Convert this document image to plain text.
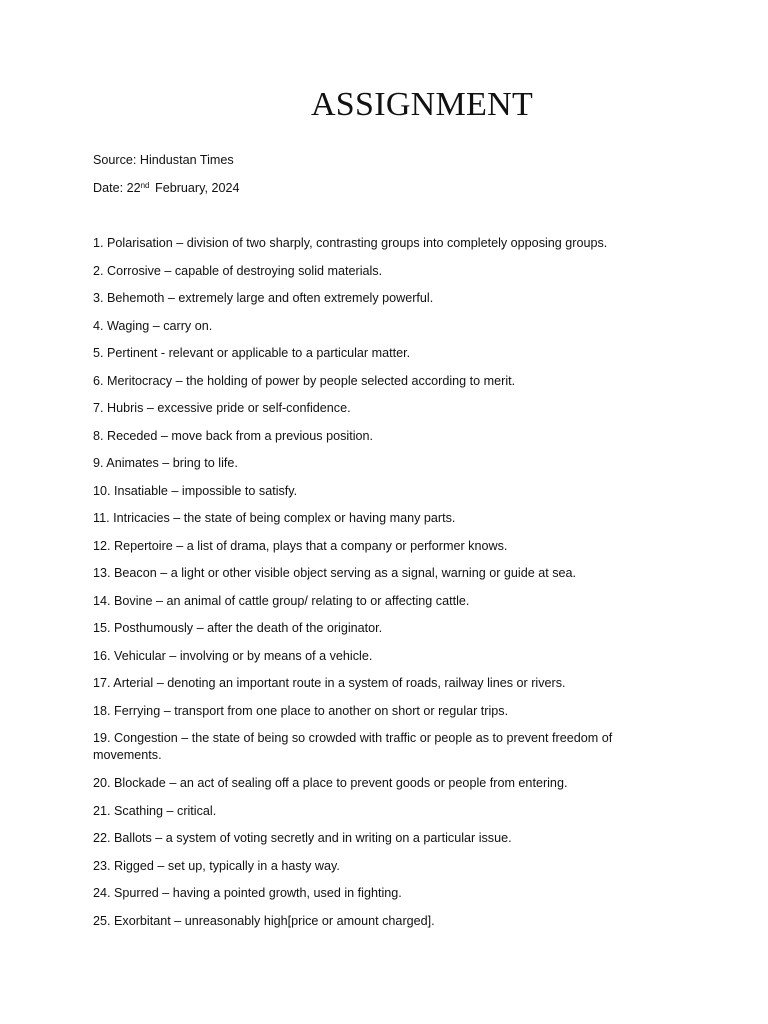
ASSIGNMENT

Source: Hindustan Times

Date: 22nd February, 2024

1. Polarisation – division of two sharply, contrasting groups into completely opposing groups.
2. Corrosive – capable of destroying solid materials.
3. Behemoth – extremely large and often extremely powerful.
4. Waging – carry on.
5. Pertinent - relevant or applicable to a particular matter.
6. Meritocracy – the holding of power by people selected according to merit.
7. Hubris – excessive pride or self-confidence.
8. Receded – move back from a previous position.
9. Animates – bring to life.
10. Insatiable – impossible to satisfy.
11. Intricacies – the state of being complex or having many parts.
12. Repertoire – a list of drama, plays that a company or performer knows.
13. Beacon – a light or other visible object serving as a signal, warning or guide at sea.
14. Bovine – an animal of cattle group/ relating to or affecting cattle.
15. Posthumously – after the death of the originator.
16. Vehicular – involving or by means of a vehicle.
17. Arterial – denoting an important route in a system of roads, railway lines or rivers.
18. Ferrying – transport from one place to another on short or regular trips.
19. Congestion – the state of being so crowded with traffic or people as to prevent freedom of movements.
20. Blockade – an act of sealing off a place to prevent goods or people from entering.
21. Scathing – critical.
22. Ballots – a system of voting secretly and in writing on a particular issue.
23. Rigged – set up, typically in a hasty way.
24. Spurred – having a pointed growth, used in fighting.
25. Exorbitant – unreasonably high[price or amount charged].
